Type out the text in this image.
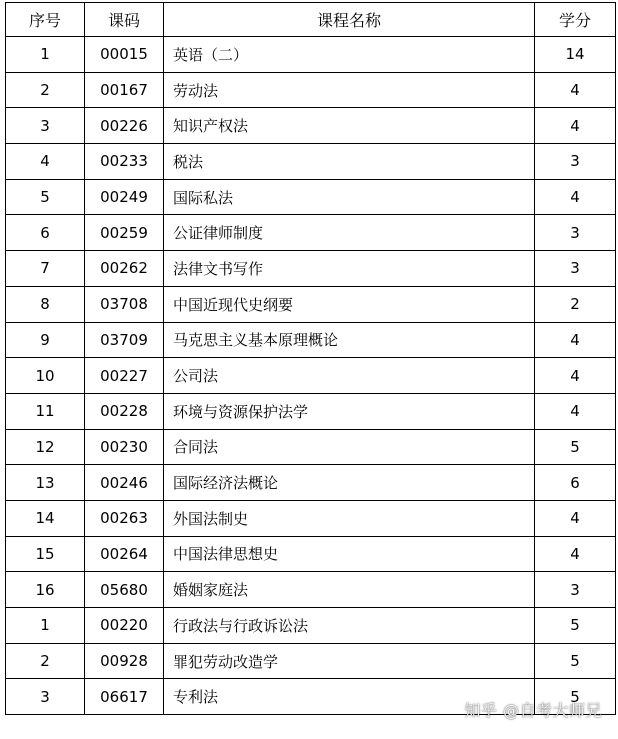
序号	课码	课程名称	学分
1	00015	英语（二）	14
2	00167	劳动法	4
3	00226	知识产权法	4
4	00233	税法	3
5	00249	国际私法	4
6	00259	公证律师制度	3
7	00262	法律文书写作	3
8	03708	中国近现代史纲要	2
9	03709	马克思主义基本原理概论	4
10	00227	公司法	4
11	00228	环境与资源保护法学	4
12	00230	合同法	5
13	00246	国际经济法概论	6
14	00263	外国法制史	4
15	00264	中国法律思想史	4
16	05680	婚姻家庭法	3
1	00220	行政法与行政诉讼法	5
2	00928	罪犯劳动改造学	5
3	06617	专利法	5
知乎 @自考大师兄
